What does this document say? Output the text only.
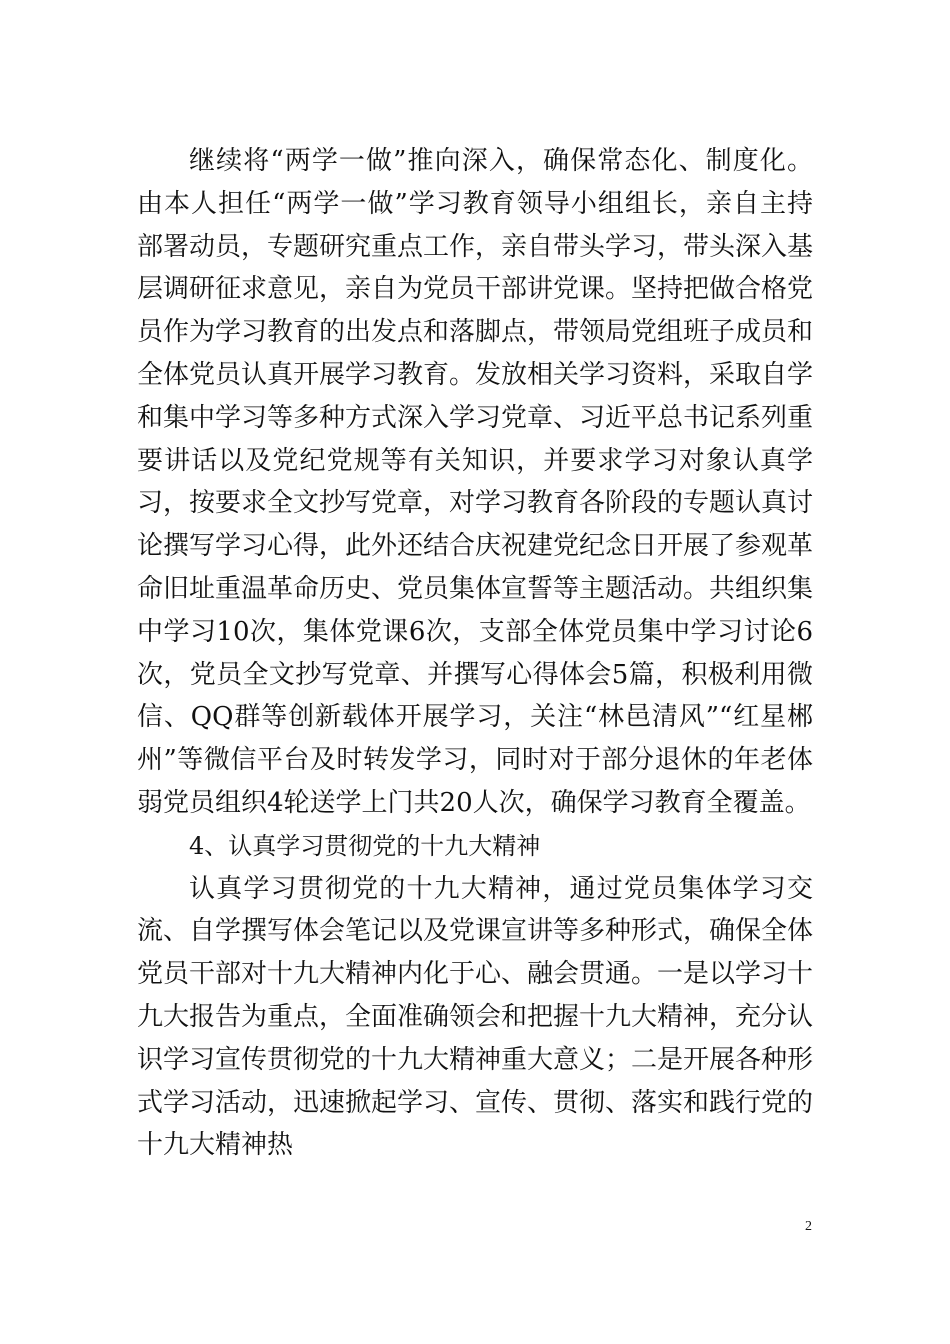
继续将“两学一做”推向深入，确保常态化、制度化。由本人担任“两学一做”学习教育领导小组组长，亲自主持部署动员，专题研究重点工作，亲自带头学习，带头深入基层调研征求意见，亲自为党员干部讲党课。坚持把做合格党员作为学习教育的出发点和落脚点，带领局党组班子成员和全体党员认真开展学习教育。发放相关学习资料，采取自学和集中学习等多种方式深入学习党章、习近平总书记系列重要讲话以及党纪党规等有关知识，并要求学习对象认真学习，按要求全文抄写党章，对学习教育各阶段的专题认真讨论撰写学习心得，此外还结合庆祝建党纪念日开展了参观革命旧址重温革命历史、党员集体宣誓等主题活动。共组织集中学习10次，集体党课6次，支部全体党员集中学习讨论6次，党员全文抄写党章、并撰写心得体会5篇，积极利用微信、QQ群等创新载体开展学习，关注“林邑清风”“红星郴州”等微信平台及时转发学习，同时对于部分退休的年老体弱党员组织4轮送学上门共20人次，确保学习教育全覆盖。

4、认真学习贯彻党的十九大精神

认真学习贯彻党的十九大精神，通过党员集体学习交流、自学撰写体会笔记以及党课宣讲等多种形式，确保全体党员干部对十九大精神内化于心、融会贯通。一是以学习十九大报告为重点，全面准确领会和把握十九大精神，充分认识学习宣传贯彻党的十九大精神重大意义；二是开展各种形式学习活动，迅速掀起学习、宣传、贯彻、落实和践行党的十九大精神热

2
